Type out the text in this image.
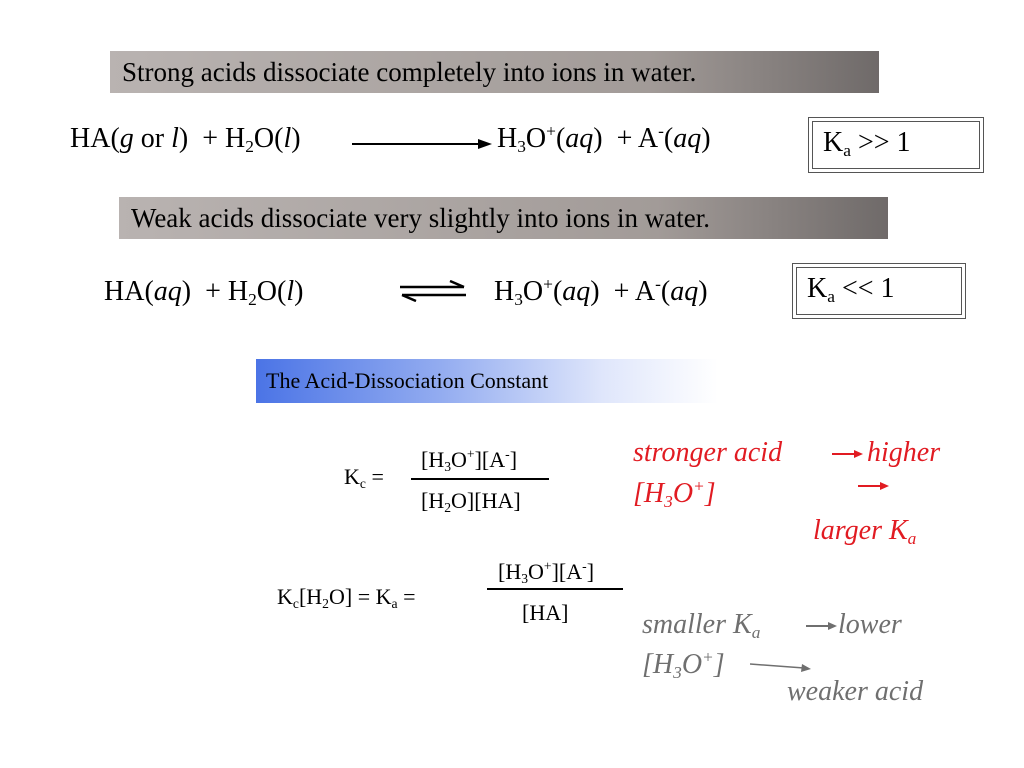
Strong acids dissociate completely into ions in water.
HA(g or $l) + H_2O(l)$	$H_3O^+(aq) + A^-(aq)$	$K_a >> 1$
Weak acids dissociate very slightly into ions in water.
$HA(aq) + H_2O(l)$	$H_3O^+(aq) + A^-(aq)$	$K_a << 1$
The Acid-Dissociation Constant
$K_c$ =
$[H_3O^+][A^-]$
$[H_2O][HA]$
$K_c[H_2O] = K_a$ =
$[H_3O^+][A^-]$
[HA]
stronger acid	higher
$[H_3O^+]$
larger $K_a$
smaller $K_a$	lower
$[H_3O^+]$
weaker acid
